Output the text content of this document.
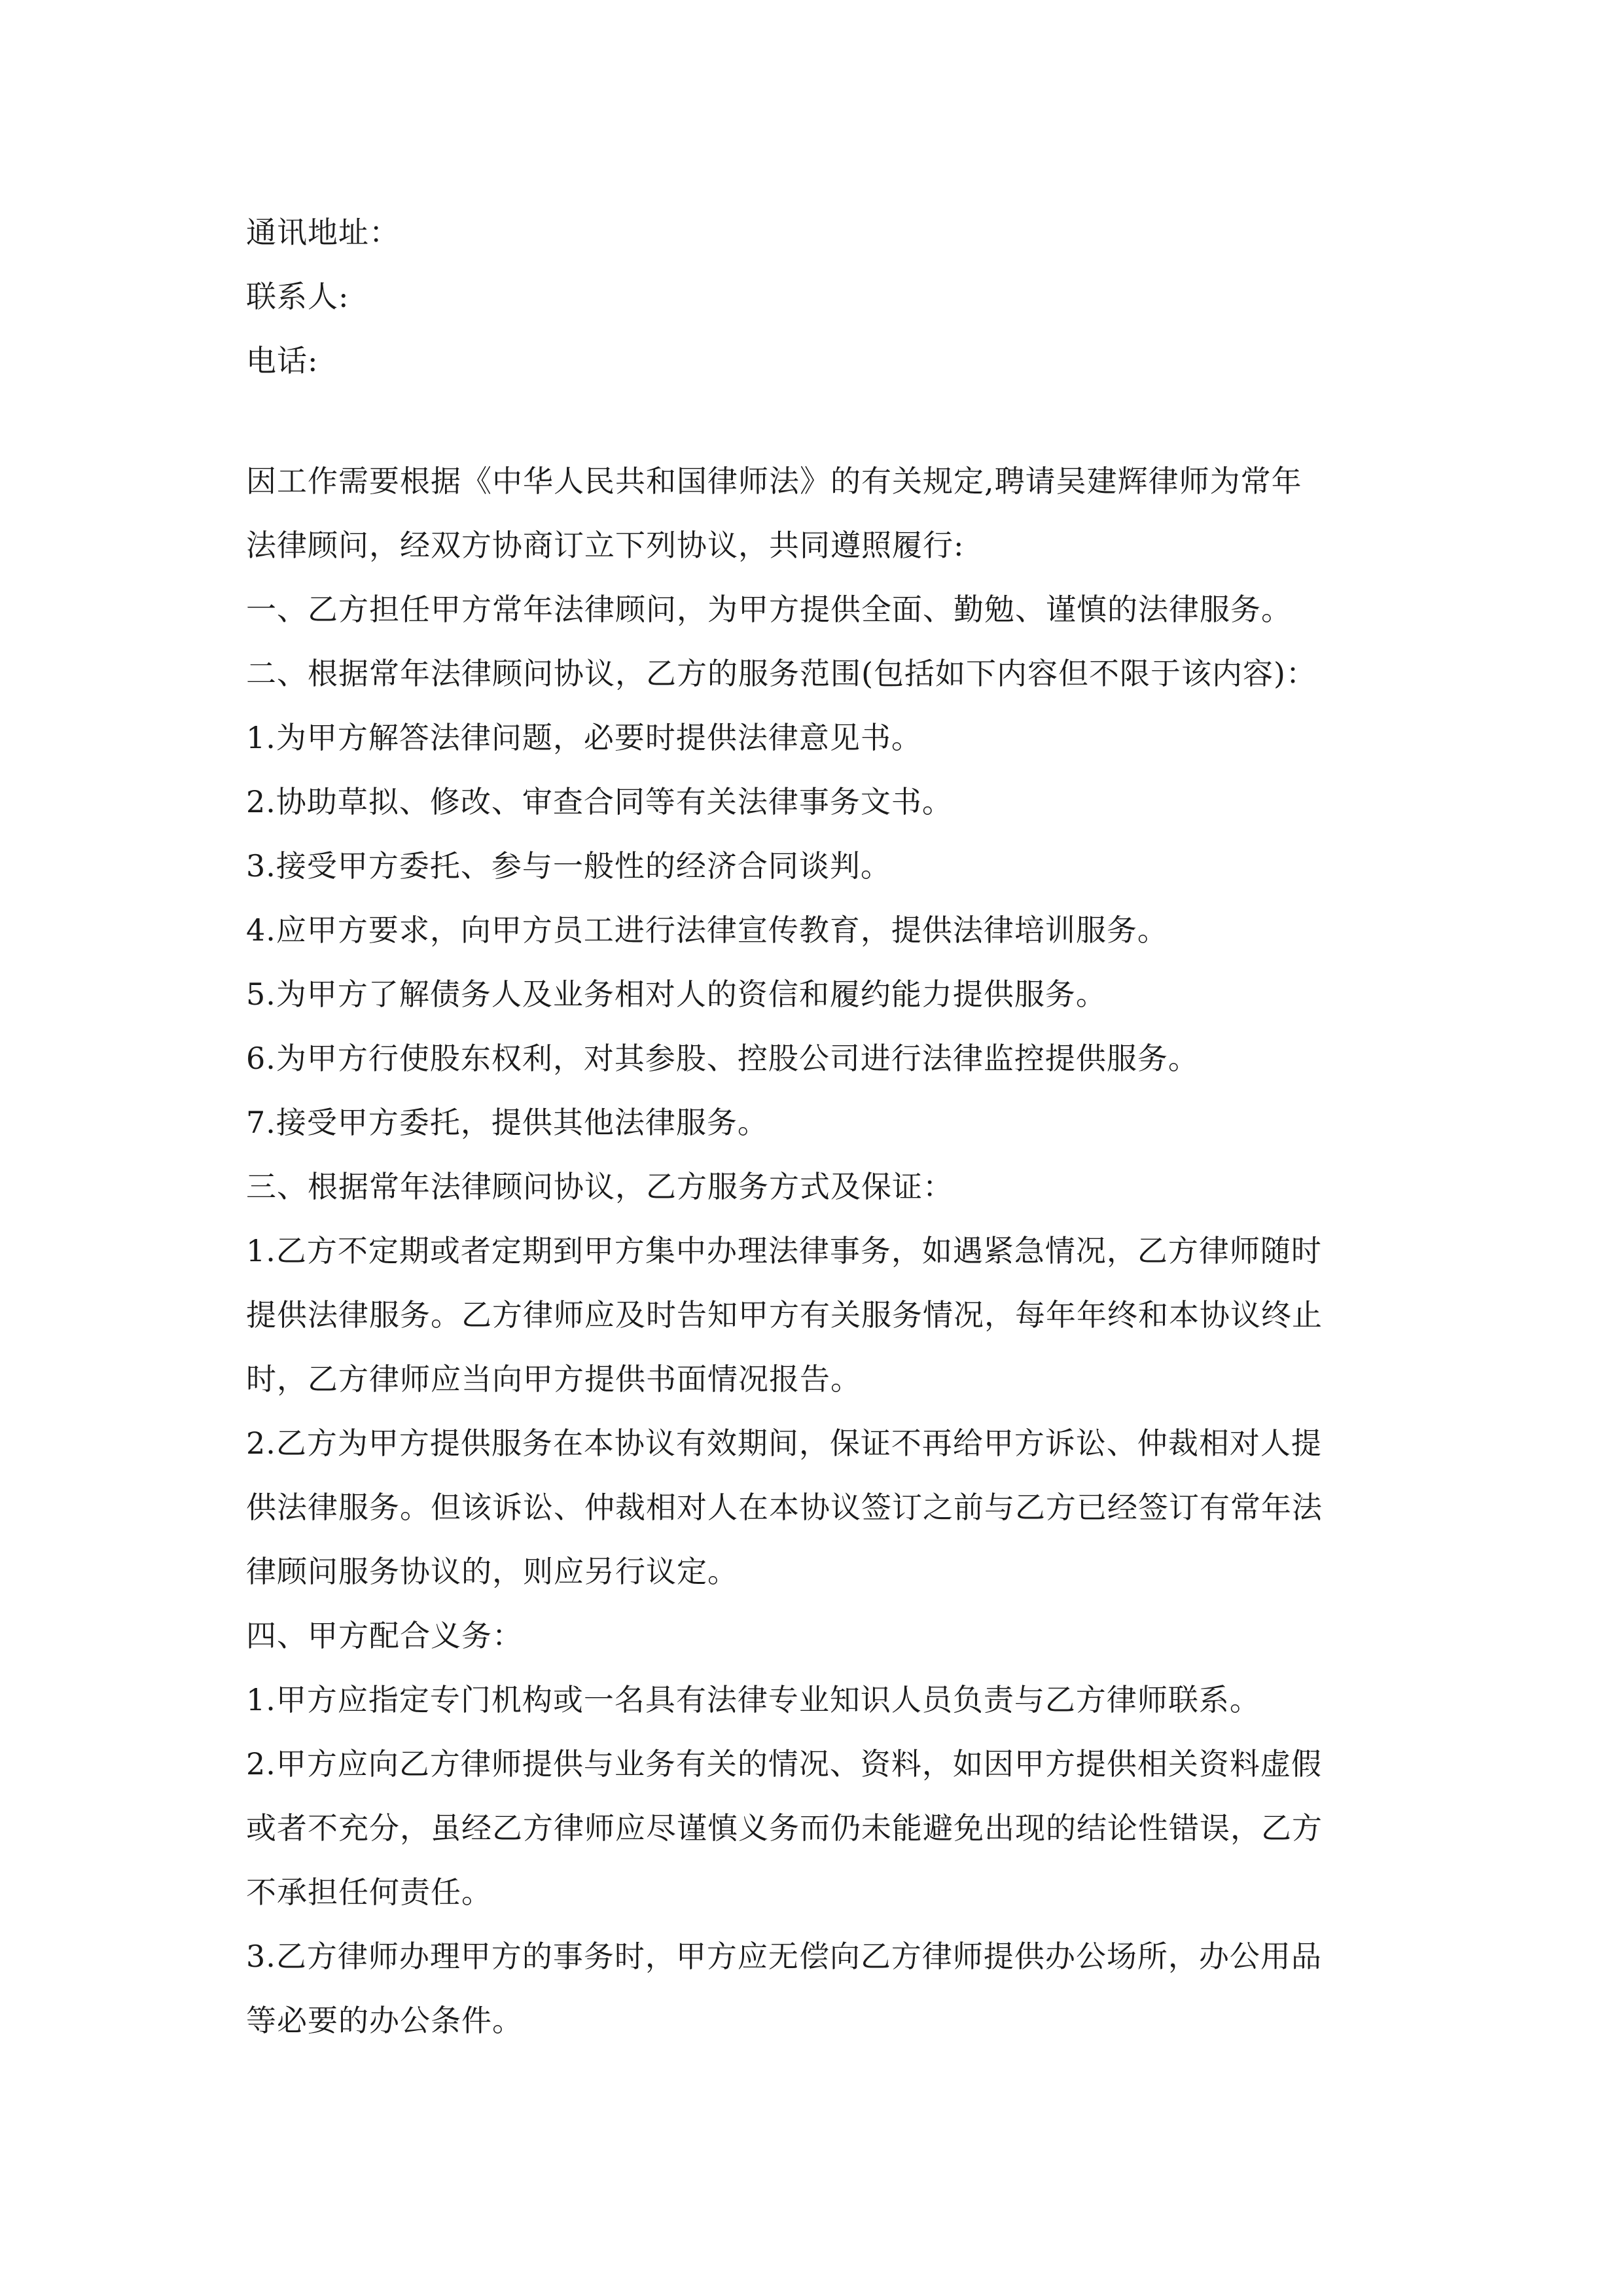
通讯地址：
联系人:
电话:
因工作需要根据《中华人民共和国律师法》的有关规定,聘请吴建辉律师为常年
法律顾问，经双方协商订立下列协议，共同遵照履行:
一、乙方担任甲方常年法律顾问，为甲方提供全面、勤勉、谨慎的法律服务。
二、根据常年法律顾问协议，乙方的服务范围(包括如下内容但不限于该内容)：
1.为甲方解答法律问题，必要时提供法律意见书。
2.协助草拟、修改、审查合同等有关法律事务文书。
3.接受甲方委托、参与一般性的经济合同谈判。
4.应甲方要求，向甲方员工进行法律宣传教育，提供法律培训服务。
5.为甲方了解债务人及业务相对人的资信和履约能力提供服务。
6.为甲方行使股东权利，对其参股、控股公司进行法律监控提供服务。
7.接受甲方委托，提供其他法律服务。
三、根据常年法律顾问协议，乙方服务方式及保证：
1.乙方不定期或者定期到甲方集中办理法律事务，如遇紧急情况，乙方律师随时
提供法律服务。乙方律师应及时告知甲方有关服务情况，每年年终和本协议终止
时，乙方律师应当向甲方提供书面情况报告。
2.乙方为甲方提供服务在本协议有效期间，保证不再给甲方诉讼、仲裁相对人提
供法律服务。但该诉讼、仲裁相对人在本协议签订之前与乙方已经签订有常年法
律顾问服务协议的，则应另行议定。
四、甲方配合义务：
1.甲方应指定专门机构或一名具有法律专业知识人员负责与乙方律师联系。
2.甲方应向乙方律师提供与业务有关的情况、资料，如因甲方提供相关资料虚假
或者不充分，虽经乙方律师应尽谨慎义务而仍未能避免出现的结论性错误，乙方
不承担任何责任。
3.乙方律师办理甲方的事务时，甲方应无偿向乙方律师提供办公场所，办公用品
等必要的办公条件。
